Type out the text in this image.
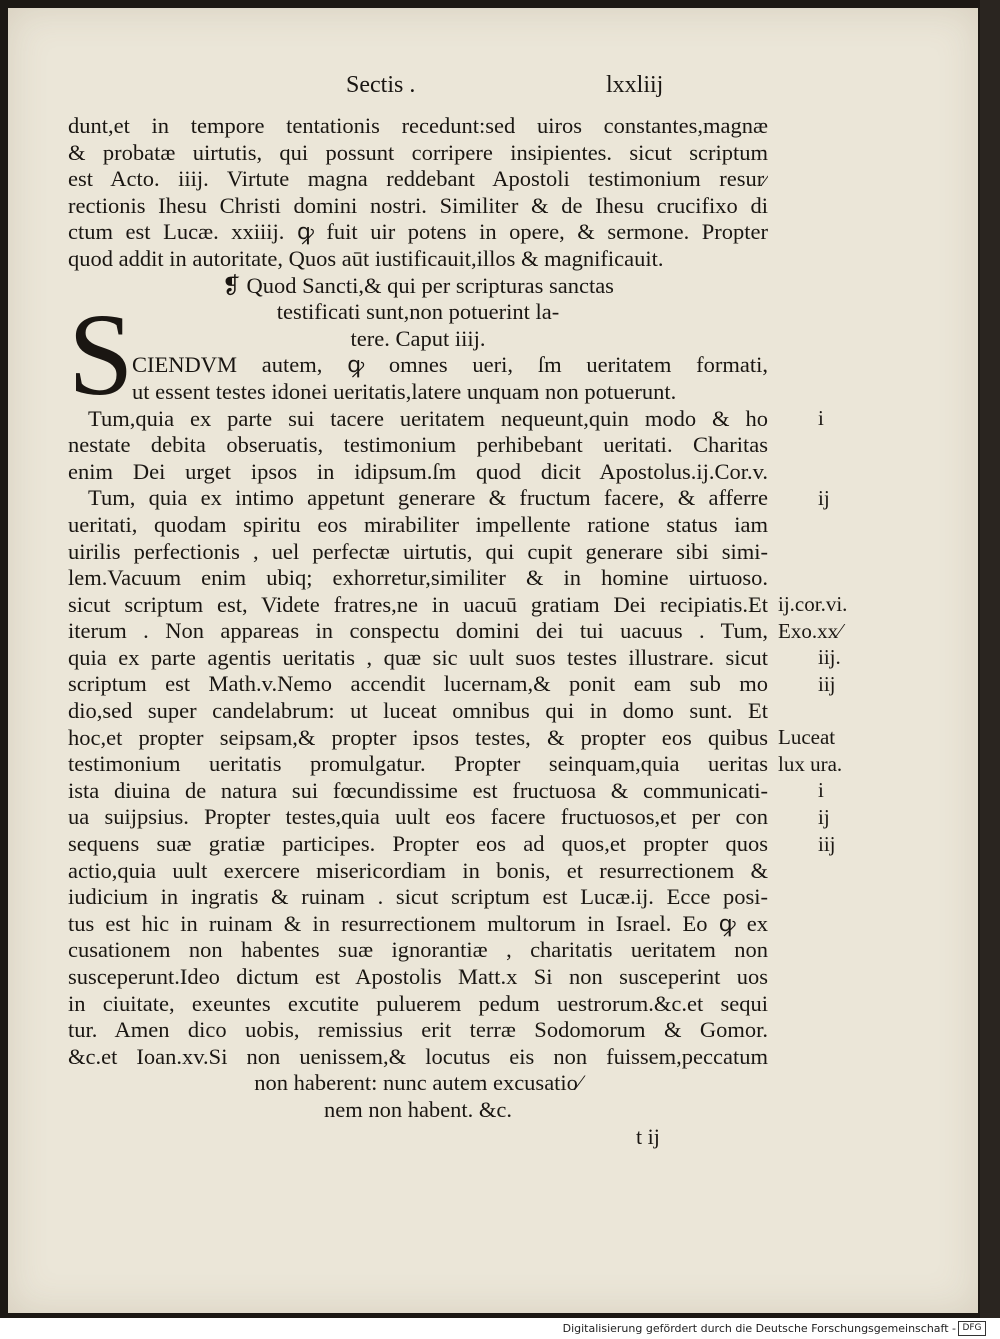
Sectis .	lxxliij
S
dunt,et in tempore tentationis recedunt:sed uiros constantes,magnæ
& probatæ uirtutis, qui possunt corripere insipientes. sicut scriptum
est Acto. iiij. Virtute magna reddebant Apostoli testimonium resur⁄
rectionis Ihesu Christi domini nostri. Similiter & de Ihesu crucifixo di
ctum est Lucæ. xxiiij. ꝙ fuit uir potens in opere, & sermone. Propter
quod addit in autoritate, Quos aūt iustificauit,illos & magnificauit.
❡ Quod Sancti,& qui per scripturas sanctas
testificati sunt,non potuerint la-
tere. Caput iiij.
CIENDVM autem, ꝙ omnes ueri, ſm ueritatem formati,
ut essent testes idonei ueritatis,latere unquam non potuerunt.
Tum,quia ex parte sui tacere ueritatem nequeunt,quin modo & ho
nestate debita obseruatis, testimonium perhibebant ueritati. Charitas
enim Dei urget ipsos in idipsum.ſm quod dicit Apostolus.ij.Cor.v.
Tum, quia ex intimo appetunt generare & fructum facere, & afferre
ueritati, quodam spiritu eos mirabiliter impellente ratione status iam
uirilis perfectionis , uel perfectæ uirtutis, qui cupit generare sibi simi-
lem.Vacuum enim ubiq; exhorretur,similiter & in homine uirtuoso.
sicut scriptum est, Videte fratres,ne in uacuū gratiam Dei recipiatis.Et
iterum . Non appareas in conspectu domini dei tui uacuus . Tum,
quia ex parte agentis ueritatis , quæ sic uult suos testes illustrare. sicut
scriptum est Math.v.Nemo accendit lucernam,& ponit eam sub mo
dio,sed super candelabrum: ut luceat omnibus qui in domo sunt. Et
hoc,et propter seipsam,& propter ipsos testes, & propter eos quibus
testimonium ueritatis promulgatur. Propter seinquam,quia ueritas
ista diuina de natura sui fœcundissime est fructuosa & communicati-
ua suijpsius. Propter testes,quia uult eos facere fructuosos,et per con
sequens suæ gratiæ participes. Propter eos ad quos,et propter quos
actio,quia uult exercere misericordiam in bonis, et resurrectionem &
iudicium in ingratis & ruinam . sicut scriptum est Lucæ.ij. Ecce posi-
tus est hic in ruinam & in resurrectionem multorum in Israel. Eo ꝙ ex
cusationem non habentes suæ ignorantiæ , charitatis ueritatem non
susceperunt.Ideo dictum est Apostolis Matt.x Si non susceperint uos
in ciuitate, exeuntes excutite puluerem pedum uestrorum.&c.et sequi
tur. Amen dico uobis, remissius erit terræ Sodomorum & Gomor.
&c.et Ioan.xv.Si non uenissem,& locutus eis non fuissem,peccatum
non haberent: nunc autem excusatio⁄
nem non habent. &c.
i
ij
ij.cor.vi.
Exo.xx⁄
iij.
iij
Luceat
lux ura.
i
ij
iij
t ij
Digitalisierung gefördert durch die Deutsche Forschungsgemeinschaft - DFG
